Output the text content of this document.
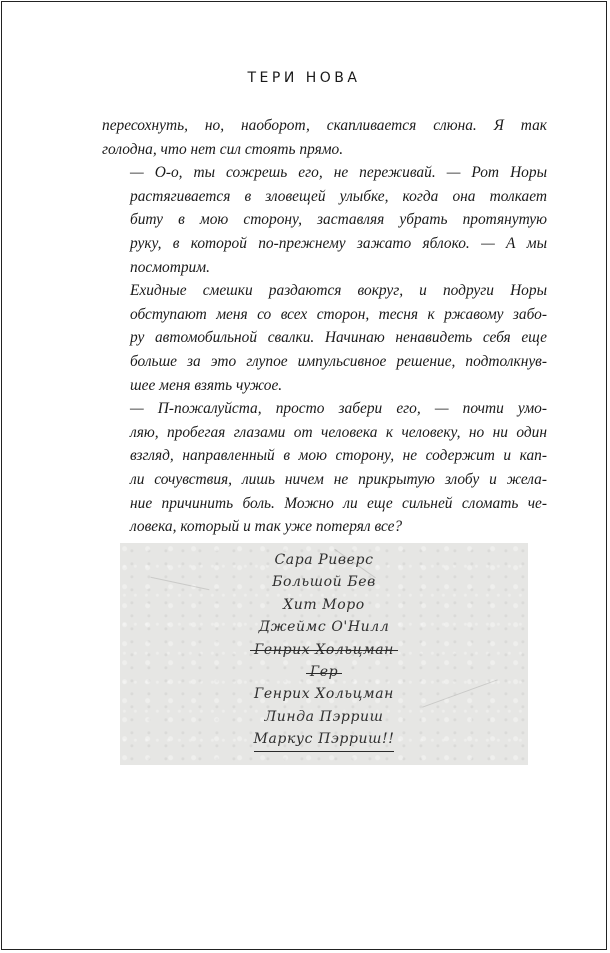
ТЕРИ НОВА

пересохнуть, но, наоборот, скапливается слюна. Я так
голодна, что нет сил стоять прямо.

— О-о, ты сожрешь его, не переживай. — Рот Норы
растягивается в зловещей улыбке, когда она толкает
биту в мою сторону, заставляя убрать протянутую
руку, в которой по-прежнему зажато яблоко. — А мы
посмотрим.

Ехидные смешки раздаются вокруг, и подруги Норы
обступают меня со всех сторон, тесня к ржавому забо-
ру автомобильной свалки. Начинаю ненавидеть себя еще
больше за это глупое импульсивное решение, подтолкнув-
шее меня взять чужое.

— П-пожалуйста, просто забери его, — почти умо-
ляю, пробегая глазами от человека к человеку, но ни один
взгляд, направленный в мою сторону, не содержит и кап-
ли сочувствия, лишь ничем не прикрытую злобу и жела-
ние причинить боль. Можно ли еще сильней сломать че-
ловека, который и так уже потерял все?

Сара Риверс
Большой Бев
Хит Моро
Джеймс О'Нилл
Генрих Хольцман
Гер
Генрих Хольцман
Линда Пэрриш
Маркус Пэрриш!!
